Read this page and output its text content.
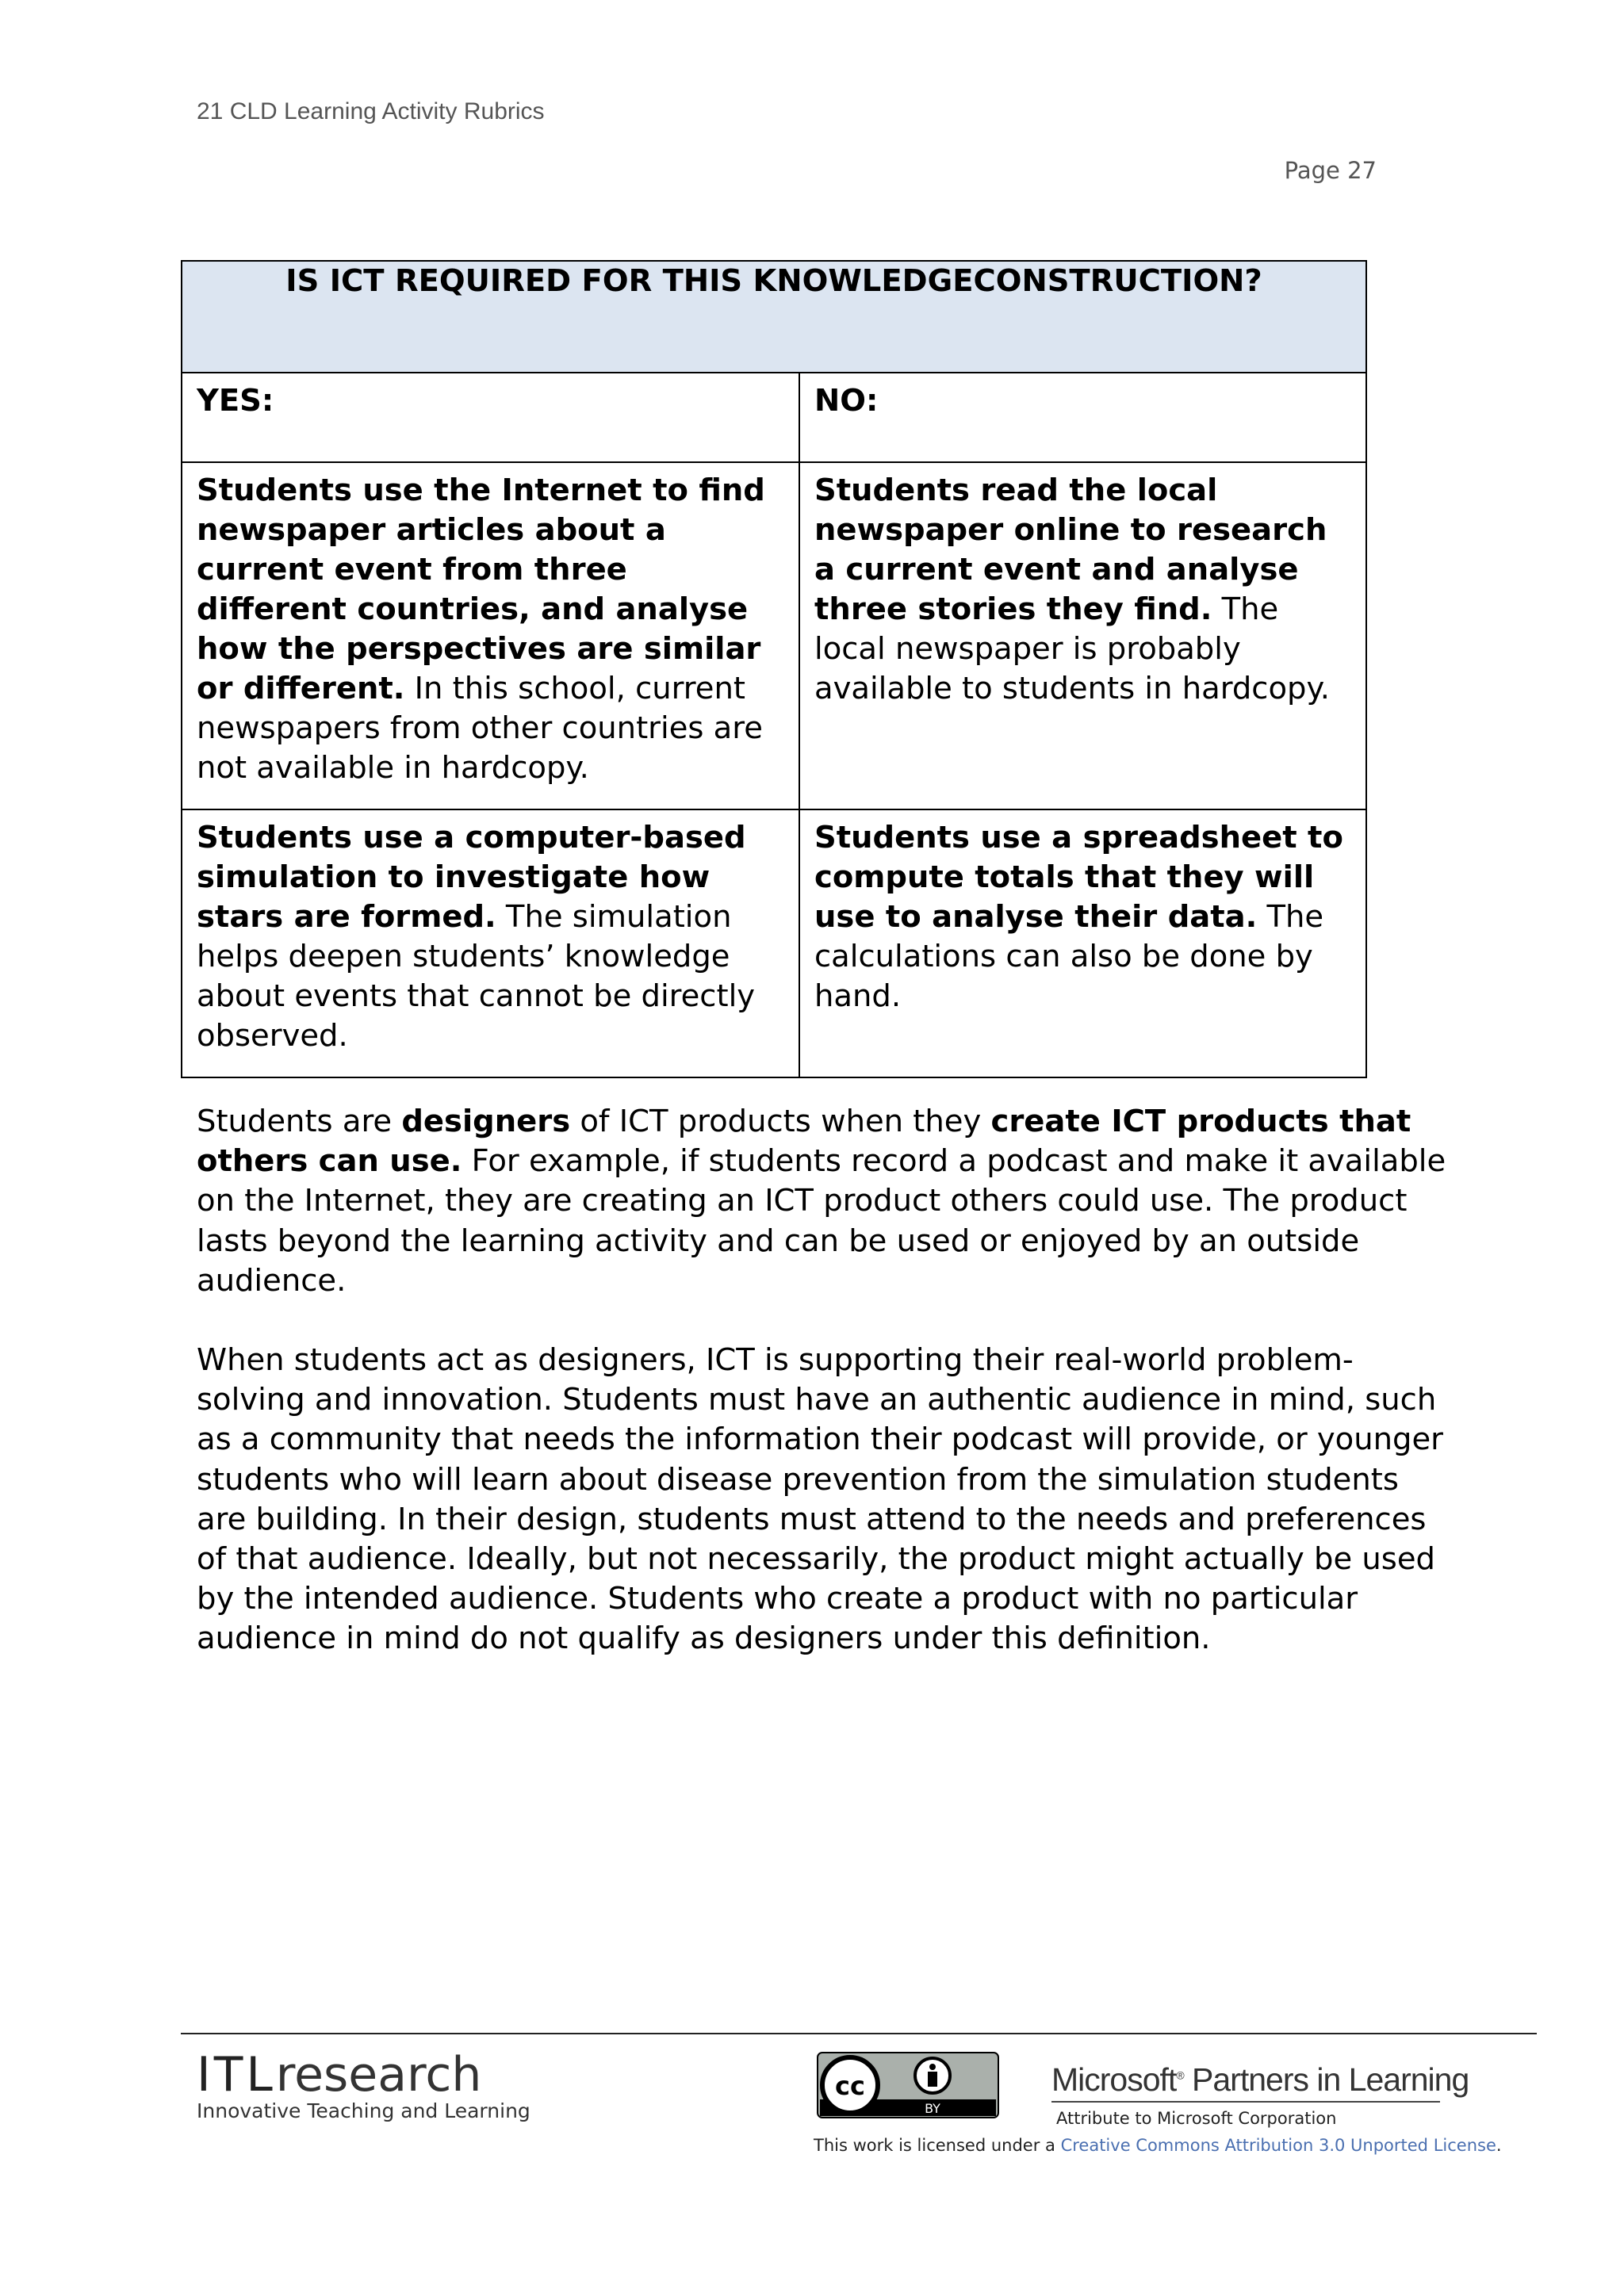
21 CLD Learning Activity Rubrics
Page 27
IS ICT REQUIRED FOR THIS KNOWLEDGECONSTRUCTION?	
YES:	NO:
Students use the Internet to find newspaper articles about a current event from three different countries, and analyse how the perspectives are similar or different. In this school, current newspapers from other countries are not available in hardcopy.	Students read the local newspaper online to research a current event and analyse three stories they find. The local newspaper is probably available to students in hardcopy.
Students use a computer-based simulation to investigate how stars are formed. The simulation helps deepen students’ knowledge about events that cannot be directly observed.	Students use a spreadsheet to compute totals that they will use to analyse their data. The calculations can also be done by hand.

Students are designers of ICT products when they create ICT products that others can use. For example, if students record a podcast and make it available on the Internet, they are creating an ICT product others could use. The product lasts beyond the learning activity and can be used or enjoyed by an outside audience.

When students act as designers, ICT is supporting their real-world problem-solving and innovation. Students must have an authentic audience in mind, such as a community that needs the information their podcast will provide, or younger students who will learn about disease prevention from the simulation students are building. In their design, students must attend to the needs and preferences of that audience. Ideally, but not necessarily, the product might actually be used by the intended audience. Students who create a product with no particular audience in mind do not qualify as designers under this definition.

ITLresearch
Innovative Teaching and Learning
cc
BY
Microsoft® Partners in Learning
Attribute to Microsoft Corporation
This work is licensed under a Creative Commons Attribution 3.0 Unported License.
